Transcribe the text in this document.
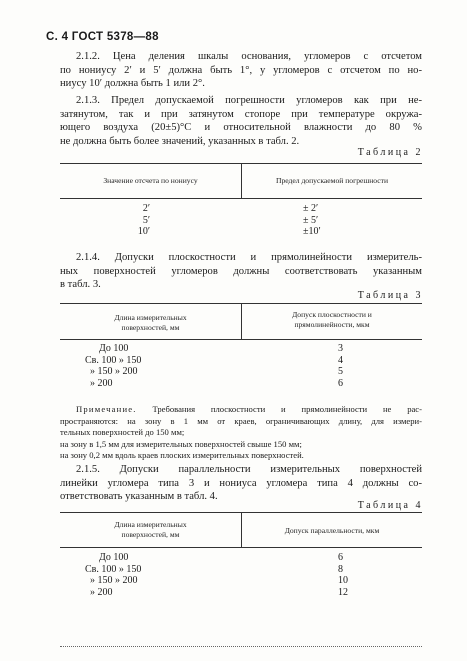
С. 4 ГОСТ 5378—88
2.1.2. Цена деления шкалы основания, угломеров с отсчетом
по нониусу 2′ и 5′ должна быть 1°, у угломеров с отсчетом по но-
ниусу 10′ должна быть 1 или 2°.
2.1.3. Предел допускаемой погрешности угломеров как при не-
затянутом, так и при затянутом стопоре при температуре окружа-
ющего воздуха (20±5)°С и относительной влажности до 80 %
не должна быть более значений, указанных в табл. 2.
Таблица 2
Значение отсчета по нониусу	Предел допускаемой погрешности
2′
5′
10′
± 2′
± 5′
±10′
2.1.4. Допуски плоскостности и прямолинейности измеритель-
ных поверхностей угломеров должны соответствовать указанным
в табл. 3.
Таблица 3
Длина измерительных
поверхностей, мм
Допуск плоскостности и
прямолинейности, мкм
До 100
Св. 100 » 150
» 150 » 200
» 200
3
4
5
6
Примечание. Требования плоскостности и прямолинейности не рас-
пространяются: на зону в 1 мм от краев, ограничивающих длину, для измери-
тельных поверхностей до 150 мм;
на зону в 1,5 мм для измерительных поверхностей свыше 150 мм;
на зону 0,2 мм вдоль краев плоских измерительных поверхностей.
2.1.5. Допуски параллельности измерительных поверхностей
линейки угломера типа 3 и нониуса угломера типа 4 должны со-
ответствовать указанным в табл. 4.
Таблица 4
Длина измерительных
поверхностей, мм	Допуск параллельности, мкм
До 100
Св. 100 » 150
» 150 » 200
» 200
6
8
10
12
